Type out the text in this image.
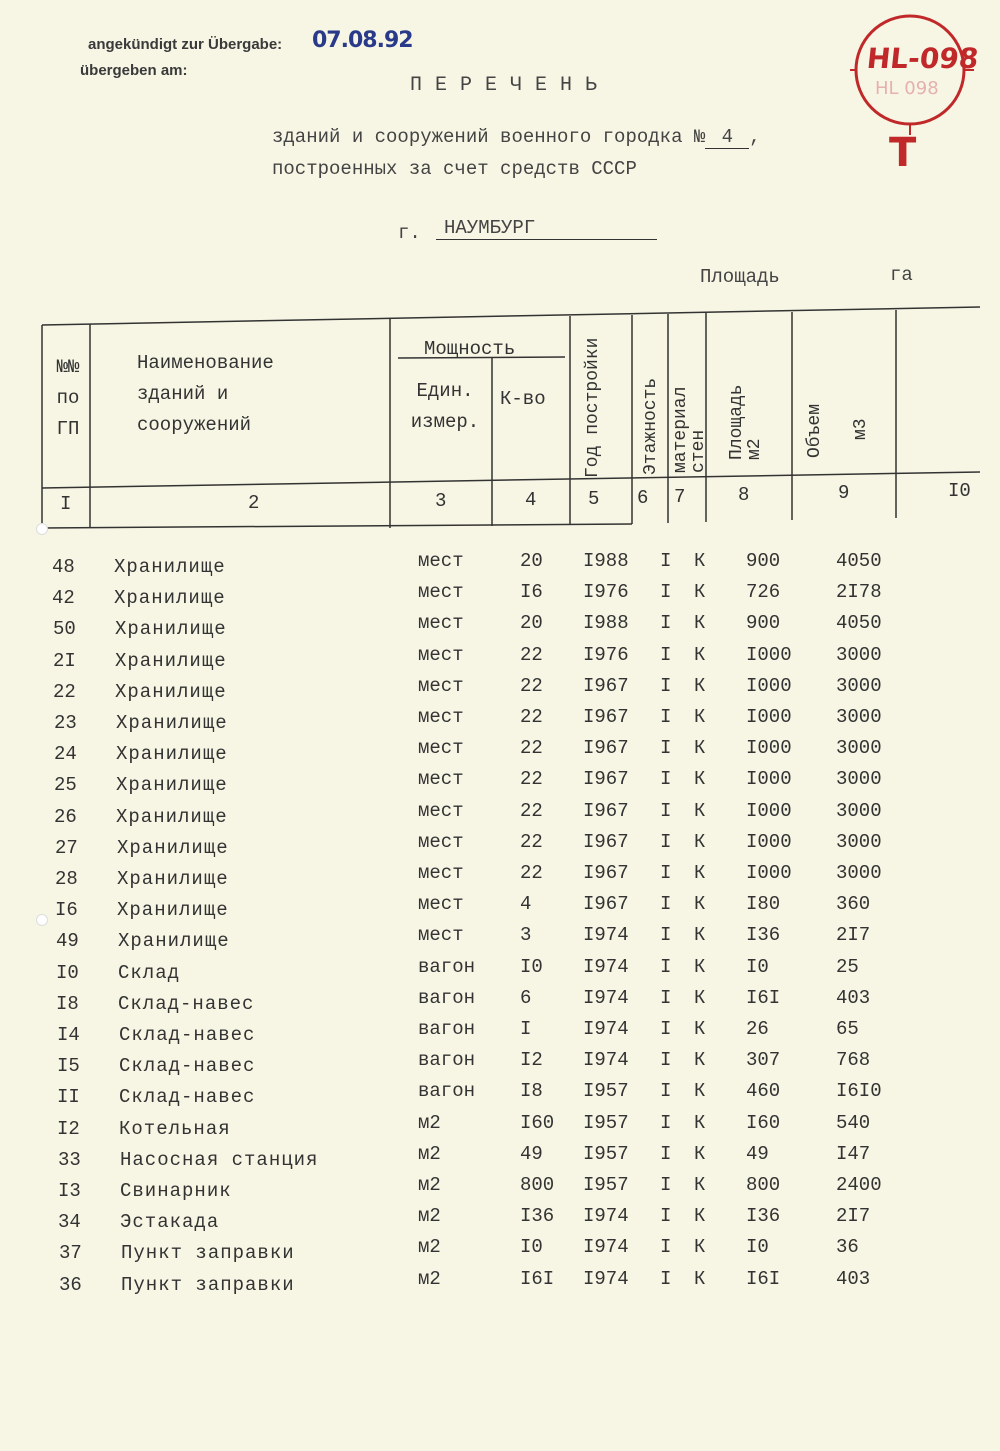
angekündigt zur Übergabe: 07.08.92
übergeben am:	HL-098
HL 098
Т
ПЕРЕЧЕНЬ
зданий и сооружений военного городка № 4 ,
построенных за счет средств СССР
г.	НАУМБУРГ
Площадь	га
№№ по ГП
Наименование зданий и сооружений
Мощность
Един. измер.
К-во Год постройки Этажность материал стен Площадь м2	Объем м3
I	2	3	4	5 6 7	8	9	I0
48 Хранилище	мест	20 I988 I К 900	4050
42 Хранилище	мест	I6 I976 I К 726	2I78
50 Хранилище	мест	20 I988 I К 900	4050
2I Хранилище	мест	22 I976 I К I000 3000
22 Хранилище	мест	22 I967 I К I000 3000
23 Хранилище	мест	22 I967 I К I000 3000
24 Хранилище	мест	22 I967 I К I000 3000
25 Хранилище	мест	22 I967 I К I000 3000
26 Хранилище	мест	22 I967 I К I000 3000
27 Хранилище	мест	22 I967 I К I000 3000
28 Хранилище	мест	22 I967 I К I000 3000
I6 Хранилище	мест	4	I967 I К I80	360
49 Хранилище	мест	3	I974 I К I36	2I7
I0 Склад	вагон I0 I974 I К I0	25
I8 Склад-навес	вагон 6	I974 I К I6I	403
I4 Склад-навес	вагон I	I974 I К 26	65
I5 Склад-навес	вагон I2 I974 I К 307	768
II Склад-навес	вагон I8 I957 I К 460	I6I0
I2 Котельная	м2	I60 I957 I К I60	540
33 Насосная станция	м2	49 I957 I К 49	I47
I3 Свинарник	м2	800 I957 I К 800	2400
34 Эстакада	м2	I36 I974 I К I36	2I7
37 Пункт заправки	м2	I0 I974 I К I0	36
36 Пункт заправки	м2	I6I I974 I К I6I	403
